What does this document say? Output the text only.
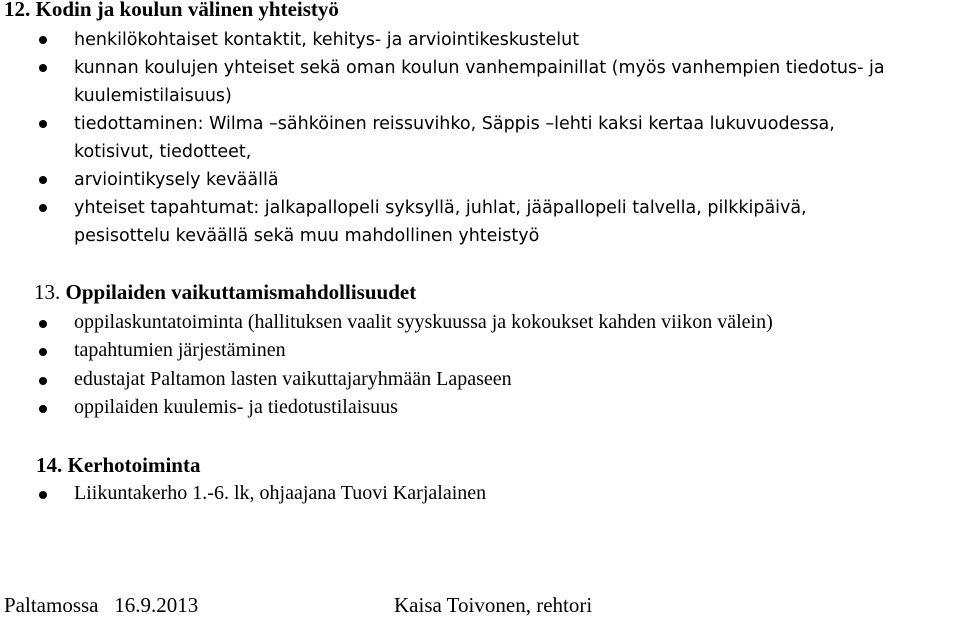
12. Kodin ja koulun välinen yhteistyö
henkilökohtaiset kontaktit, kehitys- ja arviointikeskustelut
kunnan koulujen yhteiset sekä oman koulun vanhempainillat (myös vanhempien tiedotus- ja
kuulemistilaisuus)
tiedottaminen: Wilma –sähköinen reissuvihko, Säppis –lehti kaksi kertaa lukuvuodessa,
kotisivut, tiedotteet,
arviointikysely keväällä
yhteiset tapahtumat: jalkapallopeli syksyllä, juhlat, jääpallopeli talvella, pilkkipäivä,
pesisottelu keväällä sekä muu mahdollinen yhteistyö
13. Oppilaiden vaikuttamismahdollisuudet
oppilaskuntatoiminta (hallituksen vaalit syyskuussa ja kokoukset kahden viikon välein)
tapahtumien järjestäminen
edustajat Paltamon lasten vaikuttajaryhmään Lapaseen
oppilaiden kuulemis- ja tiedotustilaisuus
14. Kerhotoiminta
Liikuntakerho 1.-6. lk, ohjaajana Tuovi Karjalainen
Paltamossa   16.9.2013	Kaisa Toivonen, rehtori
